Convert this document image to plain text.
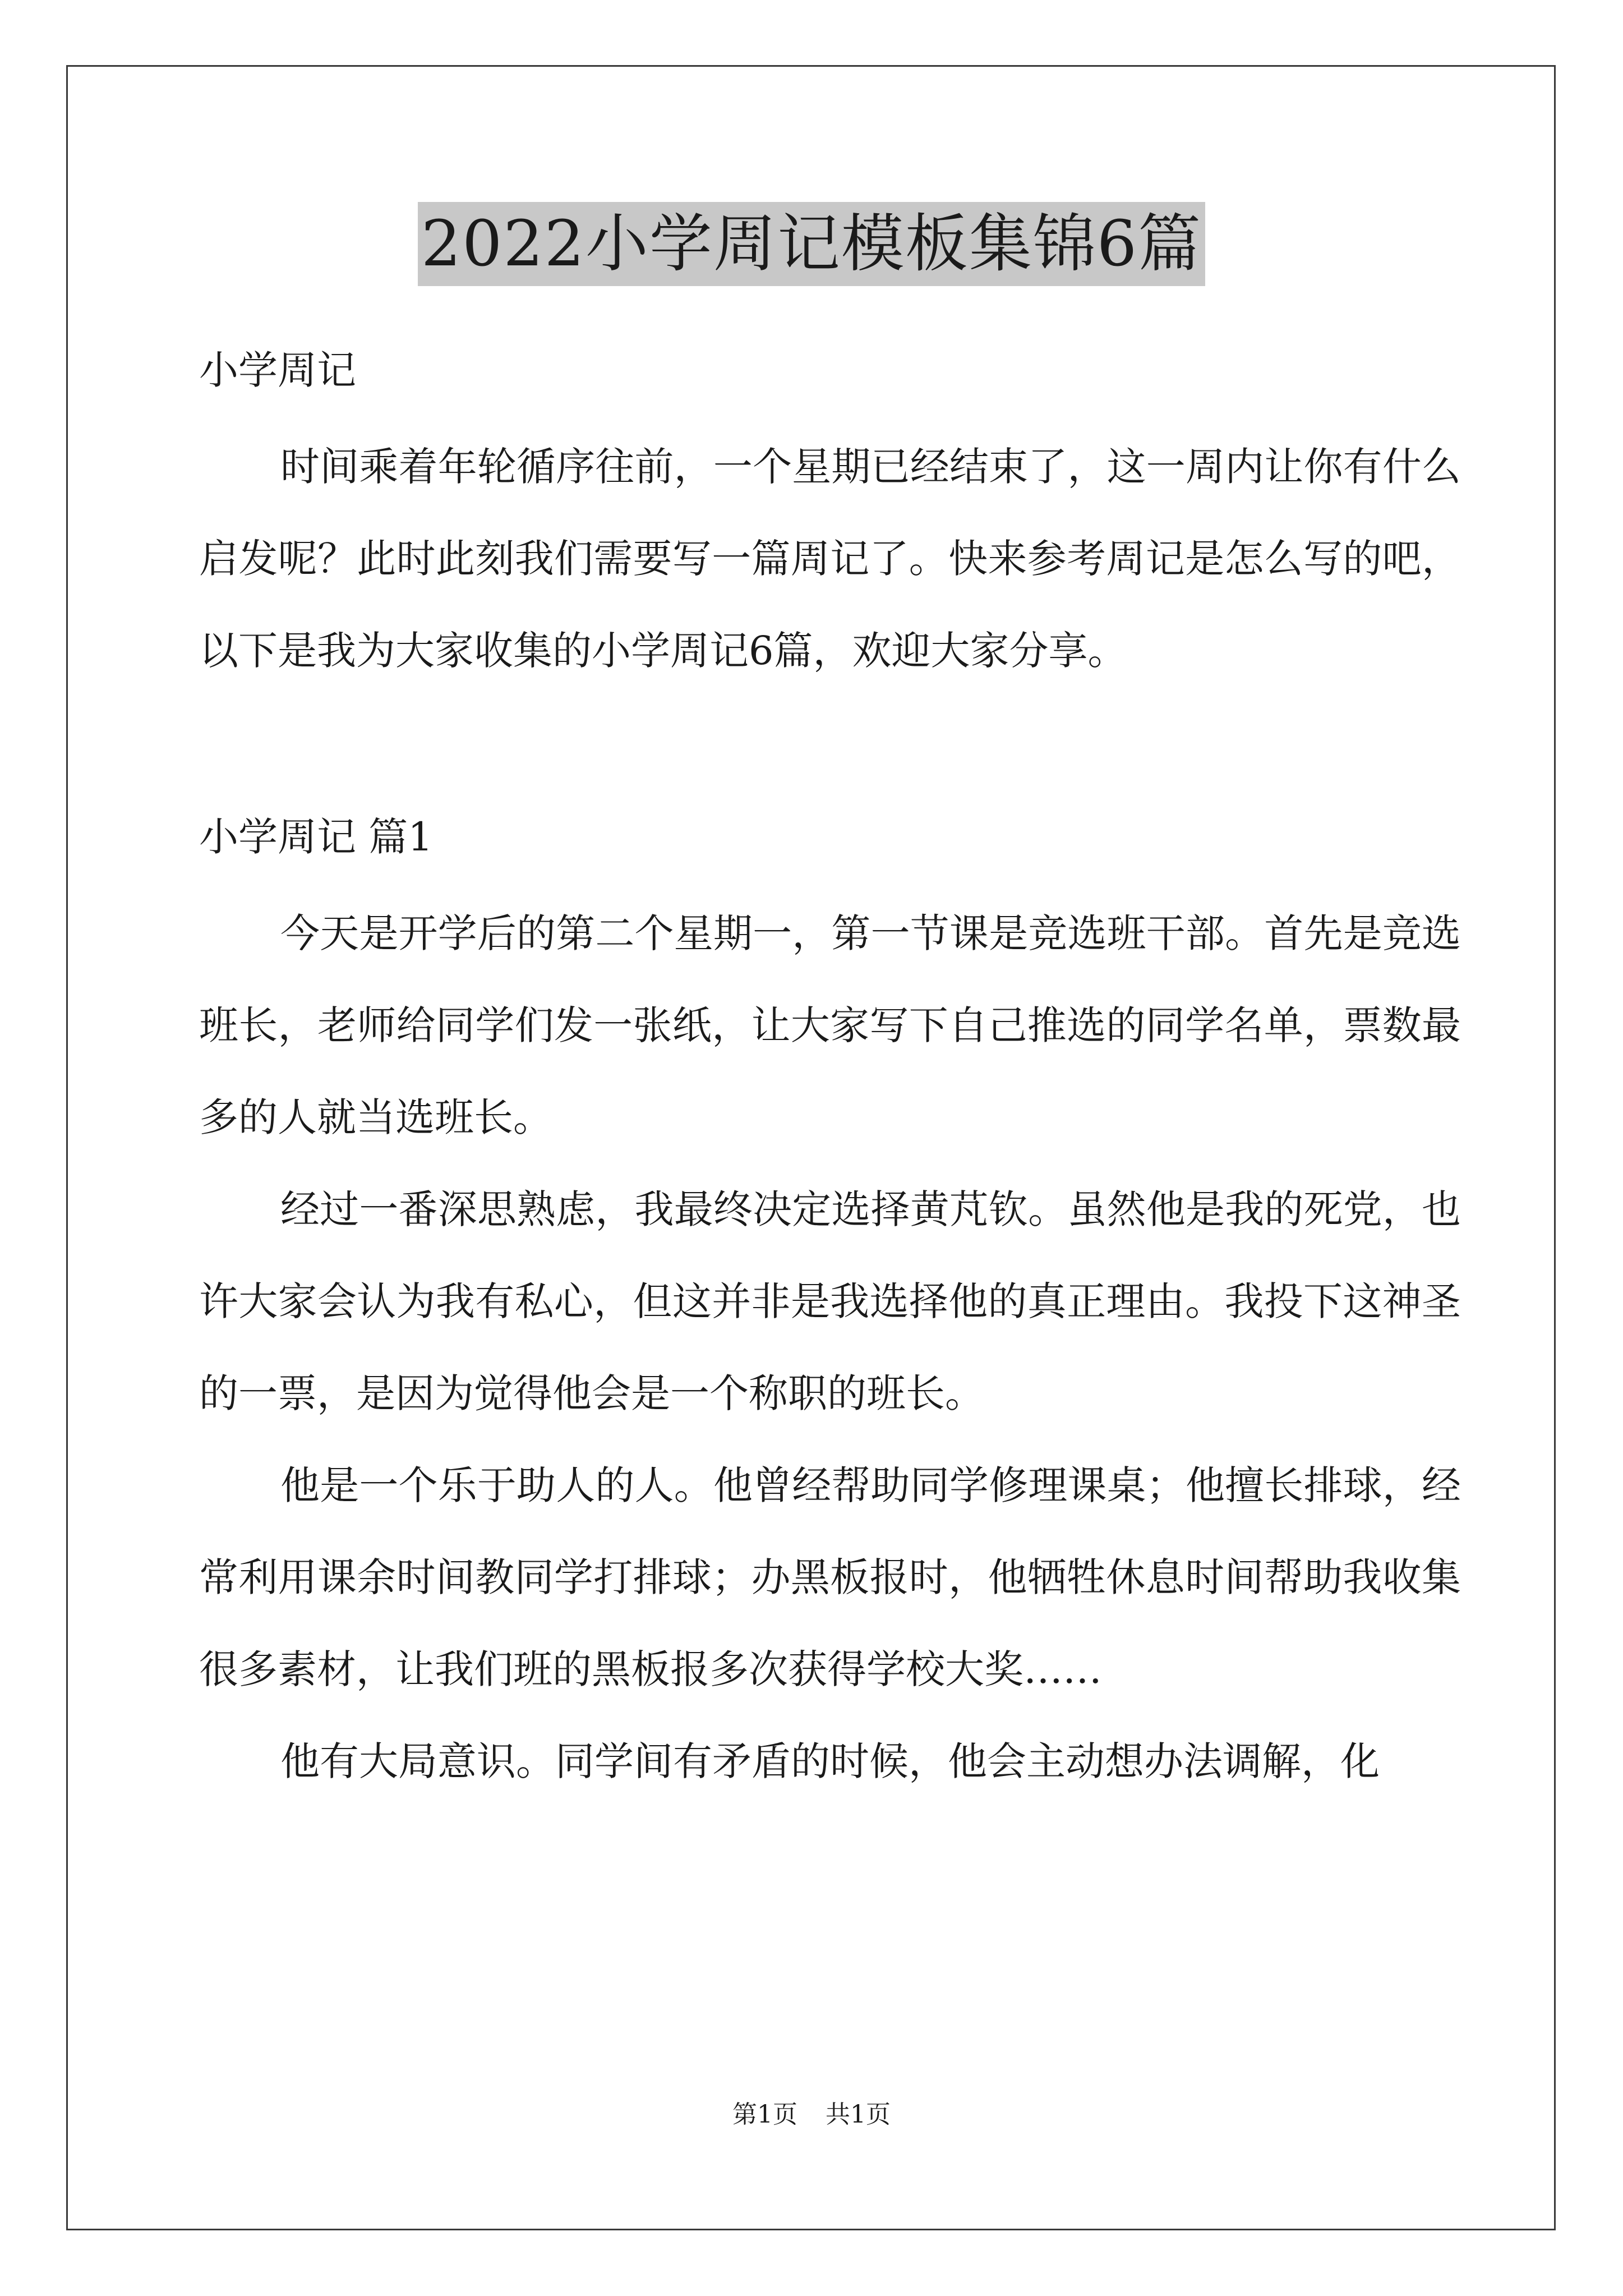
2022小学周记模板集锦6篇

小学周记

时间乘着年轮循序往前，一个星期已经结束了，这一周内让你有什么启发呢？此时此刻我们需要写一篇周记了。快来参考周记是怎么写的吧，以下是我为大家收集的小学周记6篇，欢迎大家分享。

小学周记 篇1

今天是开学后的第二个星期一，第一节课是竞选班干部。首先是竞选班长，老师给同学们发一张纸，让大家写下自己推选的同学名单，票数最多的人就当选班长。

经过一番深思熟虑，我最终决定选择黄芃钦。虽然他是我的死党，也许大家会认为我有私心，但这并非是我选择他的真正理由。我投下这神圣的一票，是因为觉得他会是一个称职的班长。

他是一个乐于助人的人。他曾经帮助同学修理课桌；他擅长排球，经常利用课余时间教同学打排球；办黑板报时，他牺牲休息时间帮助我收集很多素材，让我们班的黑板报多次获得学校大奖……

他有大局意识。同学间有矛盾的时候，他会主动想办法调解，化

第1页 共1页
